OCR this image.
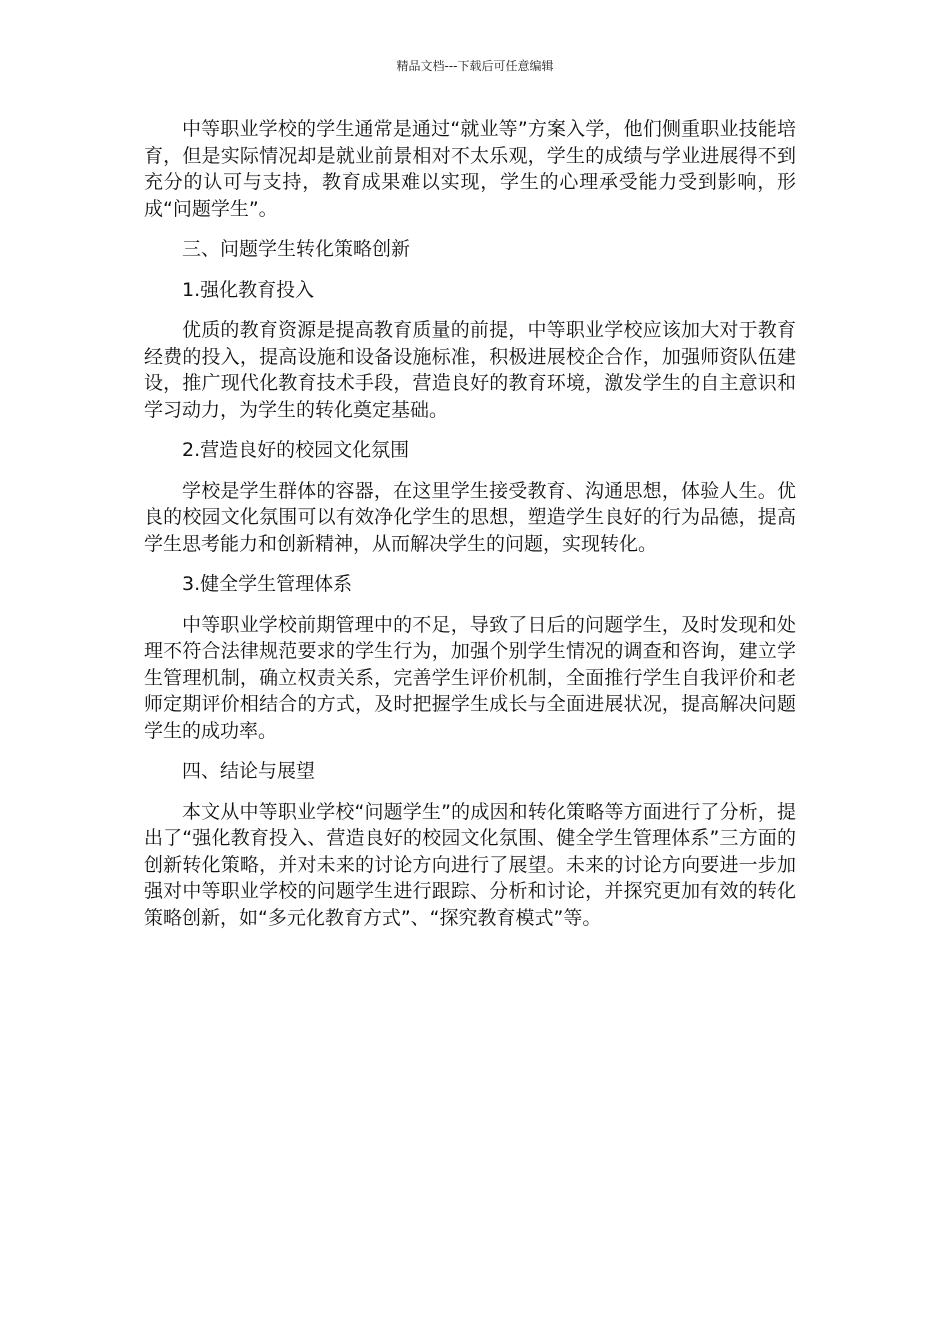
精品文档---下载后可任意编辑

中等职业学校的学生通常是通过“就业等”方案入学，他们侧重职业技能培育，但是实际情况却是就业前景相对不太乐观，学生的成绩与学业进展得不到充分的认可与支持，教育成果难以实现，学生的心理承受能力受到影响，形成“问题学生”。

三、问题学生转化策略创新

1.强化教育投入

优质的教育资源是提高教育质量的前提，中等职业学校应该加大对于教育经费的投入，提高设施和设备设施标准，积极进展校企合作，加强师资队伍建设，推广现代化教育技术手段，营造良好的教育环境，激发学生的自主意识和学习动力，为学生的转化奠定基础。

2.营造良好的校园文化氛围

学校是学生群体的容器，在这里学生接受教育、沟通思想，体验人生。优良的校园文化氛围可以有效净化学生的思想，塑造学生良好的行为品德，提高学生思考能力和创新精神，从而解决学生的问题，实现转化。

3.健全学生管理体系

中等职业学校前期管理中的不足，导致了日后的问题学生，及时发现和处理不符合法律规范要求的学生行为，加强个别学生情况的调查和咨询，建立学生管理机制，确立权责关系，完善学生评价机制，全面推行学生自我评价和老师定期评价相结合的方式，及时把握学生成长与全面进展状况，提高解决问题学生的成功率。

四、结论与展望

本文从中等职业学校“问题学生”的成因和转化策略等方面进行了分析，提出了“强化教育投入、营造良好的校园文化氛围、健全学生管理体系”三方面的创新转化策略，并对未来的讨论方向进行了展望。未来的讨论方向要进一步加强对中等职业学校的问题学生进行跟踪、分析和讨论，并探究更加有效的转化策略创新，如“多元化教育方式”、“探究教育模式”等。
